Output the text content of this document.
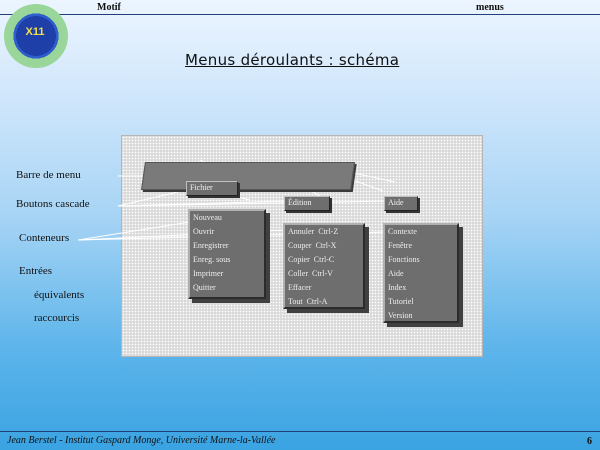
Motif	menus
X11
Menus déroulants : schéma
Barre de menu
Boutons cascade
Conteneurs
Entrées
équivalents
raccourcis
Fichier
Édition	Aide
Nouveau
Ouvrir
Enregistrer
Enreg. sous
Imprimer
Quitter
Annuler Ctrl-Z
Couper Ctrl-X
Copier Ctrl-C
Coller Ctrl-V
Effacer
Tout Ctrl-A
Contexte
Fenêtre
Fonctions
Aide
Index
Tutoriel
Version
Jean Berstel - Institut Gaspard Monge, Université Marne-la-Vallée	6
